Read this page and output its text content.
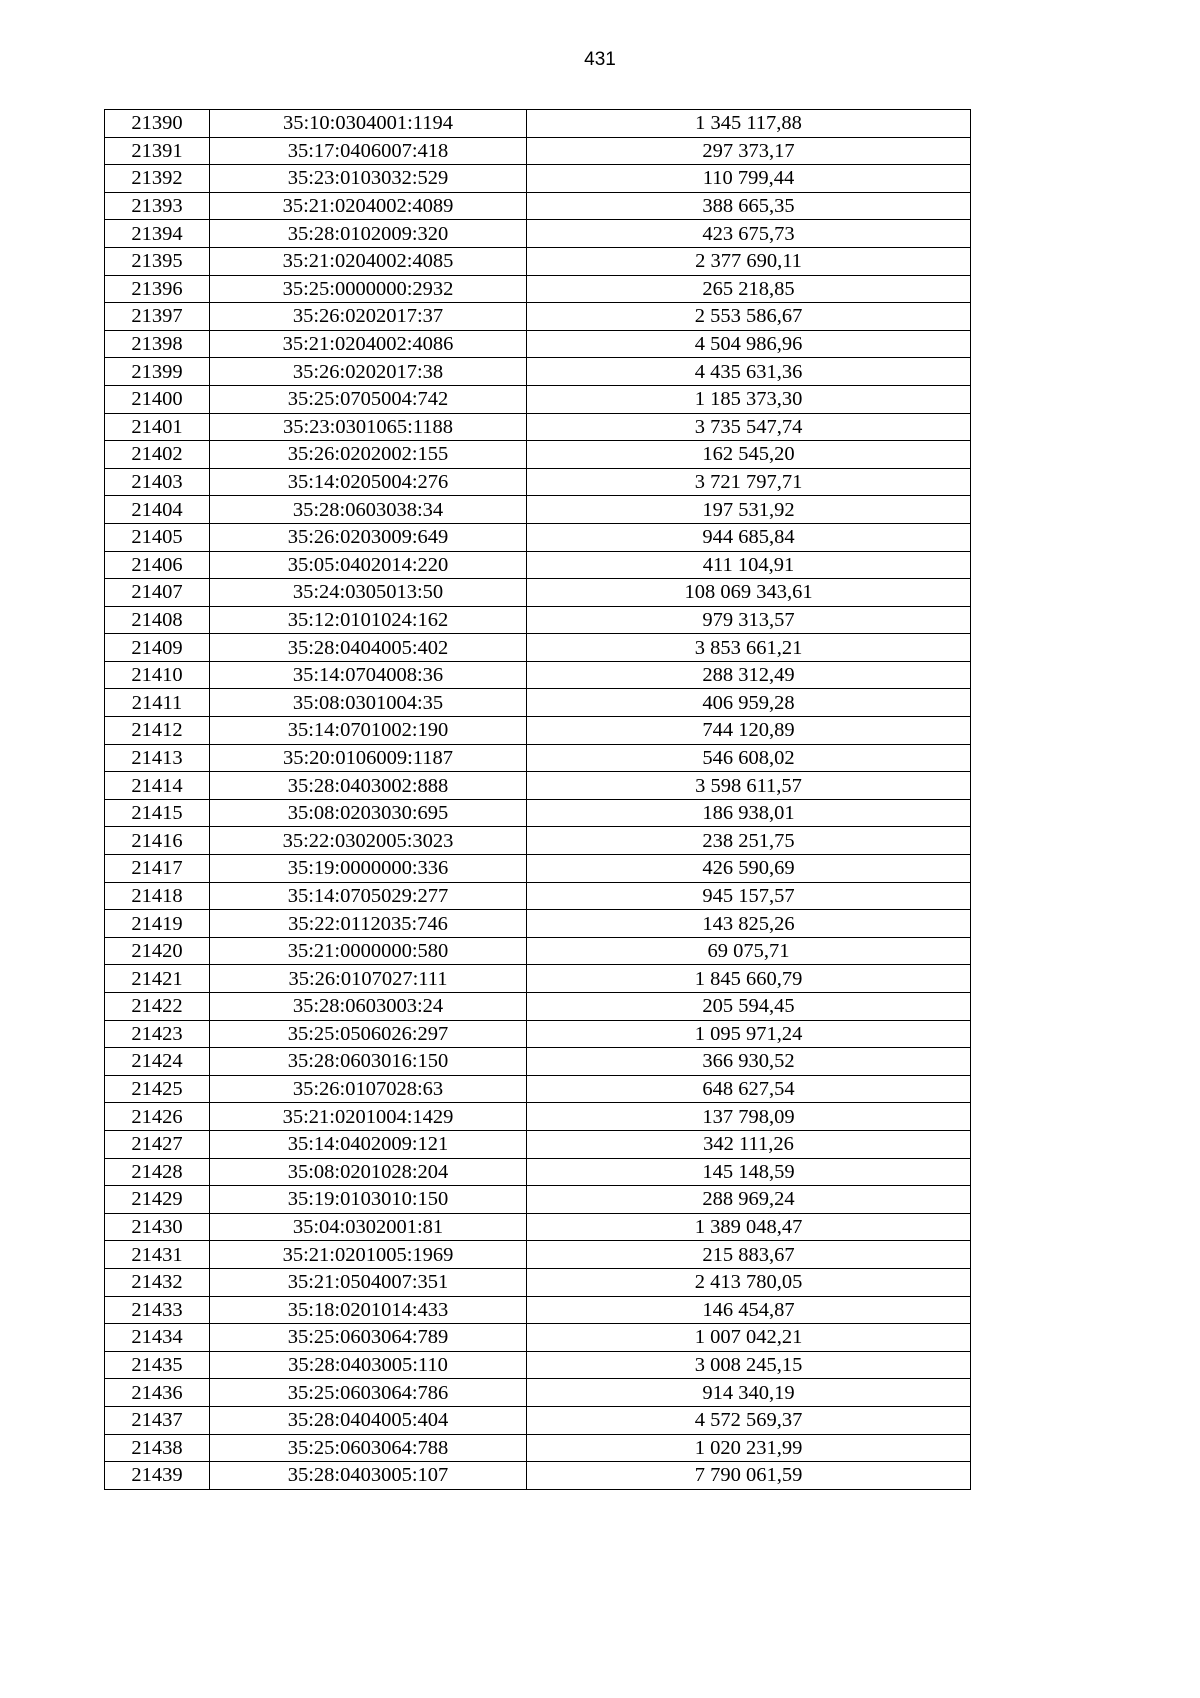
431
21390	35:10:0304001:1194	1 345 117,88
21391	35:17:0406007:418	297 373,17
21392	35:23:0103032:529	110 799,44
21393	35:21:0204002:4089	388 665,35
21394	35:28:0102009:320	423 675,73
21395	35:21:0204002:4085	2 377 690,11
21396	35:25:0000000:2932	265 218,85
21397	35:26:0202017:37	2 553 586,67
21398	35:21:0204002:4086	4 504 986,96
21399	35:26:0202017:38	4 435 631,36
21400	35:25:0705004:742	1 185 373,30
21401	35:23:0301065:1188	3 735 547,74
21402	35:26:0202002:155	162 545,20
21403	35:14:0205004:276	3 721 797,71
21404	35:28:0603038:34	197 531,92
21405	35:26:0203009:649	944 685,84
21406	35:05:0402014:220	411 104,91
21407	35:24:0305013:50	108 069 343,61
21408	35:12:0101024:162	979 313,57
21409	35:28:0404005:402	3 853 661,21
21410	35:14:0704008:36	288 312,49
21411	35:08:0301004:35	406 959,28
21412	35:14:0701002:190	744 120,89
21413	35:20:0106009:1187	546 608,02
21414	35:28:0403002:888	3 598 611,57
21415	35:08:0203030:695	186 938,01
21416	35:22:0302005:3023	238 251,75
21417	35:19:0000000:336	426 590,69
21418	35:14:0705029:277	945 157,57
21419	35:22:0112035:746	143 825,26
21420	35:21:0000000:580	69 075,71
21421	35:26:0107027:111	1 845 660,79
21422	35:28:0603003:24	205 594,45
21423	35:25:0506026:297	1 095 971,24
21424	35:28:0603016:150	366 930,52
21425	35:26:0107028:63	648 627,54
21426	35:21:0201004:1429	137 798,09
21427	35:14:0402009:121	342 111,26
21428	35:08:0201028:204	145 148,59
21429	35:19:0103010:150	288 969,24
21430	35:04:0302001:81	1 389 048,47
21431	35:21:0201005:1969	215 883,67
21432	35:21:0504007:351	2 413 780,05
21433	35:18:0201014:433	146 454,87
21434	35:25:0603064:789	1 007 042,21
21435	35:28:0403005:110	3 008 245,15
21436	35:25:0603064:786	914 340,19
21437	35:28:0404005:404	4 572 569,37
21438	35:25:0603064:788	1 020 231,99
21439	35:28:0403005:107	7 790 061,59
